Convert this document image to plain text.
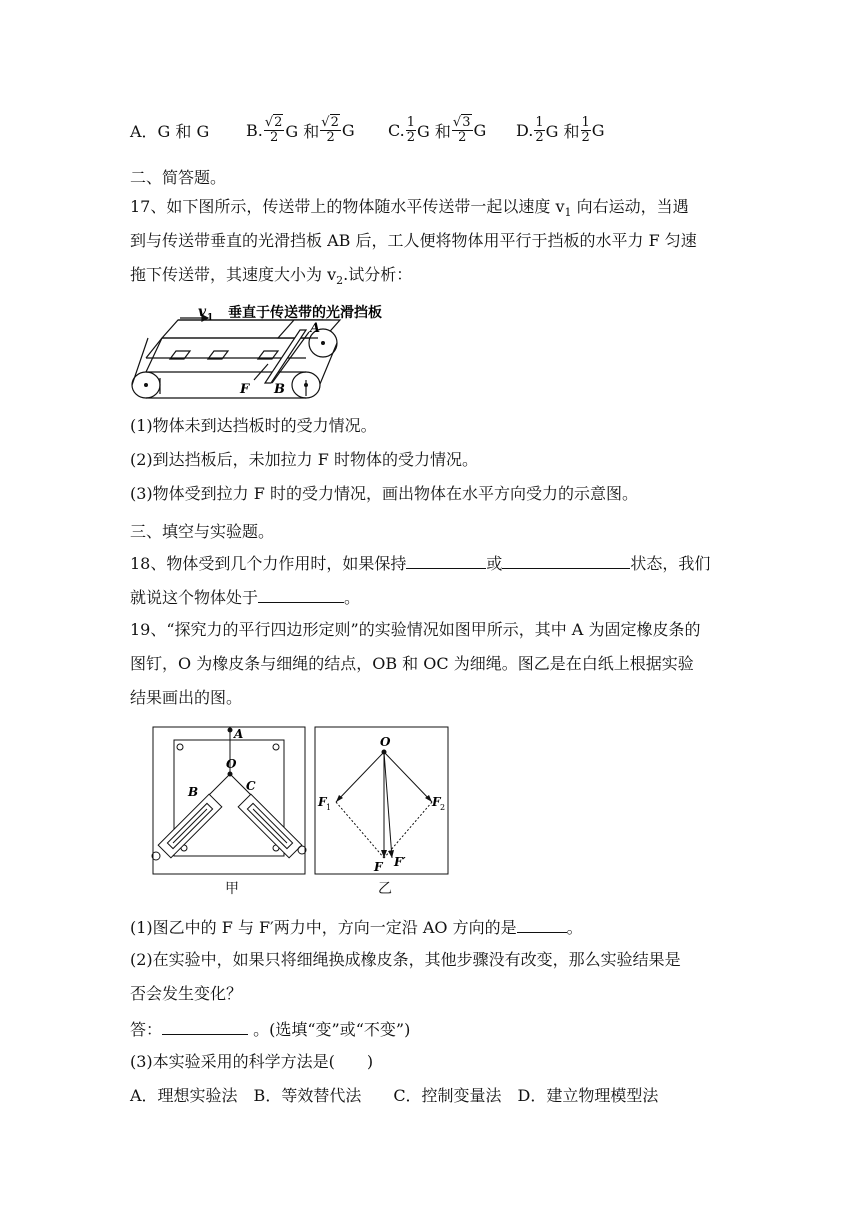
A．G 和 G B. $\frac{√2}{2}$ G 和 $\frac{√2}{2}$ G C. $\frac{1}{2}$ G 和 $\frac{√3}{2}$ G D. $\frac{1}{2}$ G 和 $\frac{1}{2}$ G
二、简答题。
17、如下图所示，传送带上的物体随水平传送带一起以速度 $v_1$ 向右运动，当遇
到与传送带垂直的光滑挡板 AB 后，工人便将物体用平行于挡板的水平力 F 匀速
拖下传送带，其速度大小为 $v_2$.试分析：
v 1 垂直于传送带的光滑挡板
A
B
F
(1)物体未到达挡板时的受力情况。
(2)到达挡板后，未加拉力 F 时物体的受力情况。
(3)物体受到拉力 F 时的受力情况，画出物体在水平方向受力的示意图。
三、填空与实验题。
18、物体受到几个力作用时，如果保持	或	状态，我们
就说这个物体处于	。
19、“探究力的平行四边形定则”的实验情况如图甲所示，其中 A 为固定橡皮条的
图钉，O 为橡皮条与细绳的结点，OB 和 OC 为细绳。图乙是在白纸上根据实验
结果画出的图。
A
O
B	C
甲
O
F 1	F 2
F F′
乙
(1)图乙中的 F 与 F′两力中，方向一定沿 AO 方向的是	。
(2)在实验中，如果只将细绳换成橡皮条，其他步骤没有改变，那么实验结果是
否会发生变化？
答：	。(选填“变”或“不变”)
(3)本实验采用的科学方法是(　　)
A．理想实验法　B．等效替代法　　C．控制变量法　D．建立物理模型法
